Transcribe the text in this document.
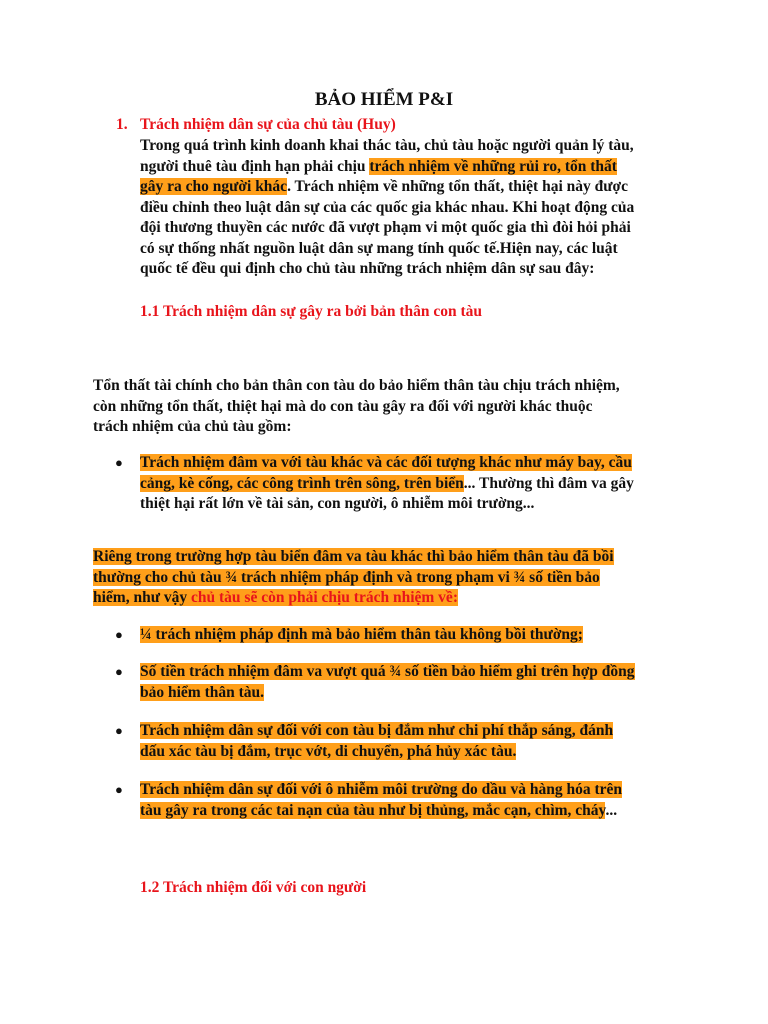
BẢO HIỂM P&I
1. Trách nhiệm dân sự của chủ tàu (Huy)
Trong quá trình kinh doanh khai thác tàu, chủ tàu hoặc người quản lý tàu,
người thuê tàu định hạn phải chịu trách nhiệm về những rủi ro, tổn thất
gây ra cho người khác. Trách nhiệm về những tổn thất, thiệt hại này được
điều chỉnh theo luật dân sự của các quốc gia khác nhau. Khi hoạt động của
đội thương thuyền các nước đã vượt phạm vi một quốc gia thì đòi hỏi phải
có sự thống nhất nguồn luật dân sự mang tính quốc tế.Hiện nay, các luật
quốc tế đều qui định cho chủ tàu những trách nhiệm dân sự sau đây:
1.1 Trách nhiệm dân sự gây ra bởi bản thân con tàu
Tổn thất tài chính cho bản thân con tàu do bảo hiểm thân tàu chịu trách nhiệm,
còn những tổn thất, thiệt hại mà do con tàu gây ra đối với người khác thuộc
trách nhiệm của chủ tàu gồm:
● Trách nhiệm đâm va với tàu khác và các đối tượng khác như máy bay, cầu
cảng, kè cống, các công trình trên sông, trên biển... Thường thì đâm va gây
thiệt hại rất lớn về tài sản, con người, ô nhiễm môi trường...
Riêng trong trường hợp tàu biển đâm va tàu khác thì bảo hiểm thân tàu đã bồi
thường cho chủ tàu ¾ trách nhiệm pháp định và trong phạm vi ¾ số tiền bảo
hiểm, như vậy chủ tàu sẽ còn phải chịu trách nhiệm về:
● ¼ trách nhiệm pháp định mà bảo hiểm thân tàu không bồi thường;
● Số tiền trách nhiệm đâm va vượt quá ¾ số tiền bảo hiểm ghi trên hợp đồng
bảo hiểm thân tàu.
● Trách nhiệm dân sự đối với con tàu bị đắm như chi phí thắp sáng, đánh
dấu xác tàu bị đắm, trục vớt, di chuyển, phá hủy xác tàu.
● Trách nhiệm dân sự đối với ô nhiễm môi trường do dầu và hàng hóa trên
tàu gây ra trong các tai nạn của tàu như bị thủng, mắc cạn, chìm, cháy...
1.2 Trách nhiệm đối với con người
